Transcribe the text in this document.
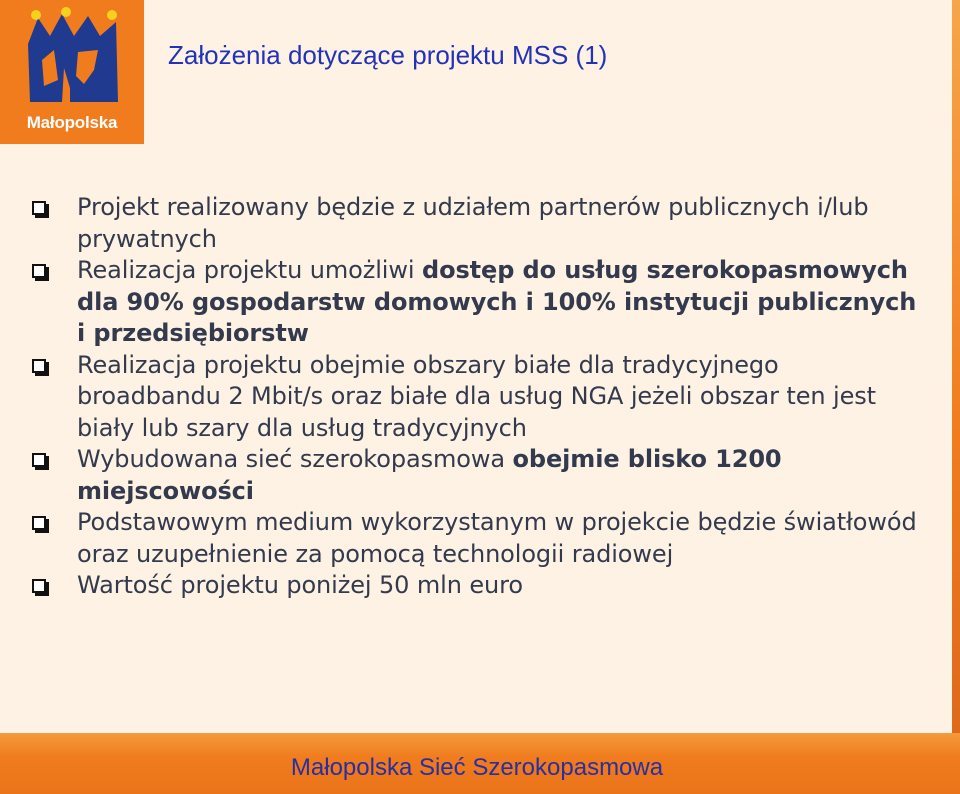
Małopolska
Założenia dotyczące projektu MSS (1)
Projekt realizowany będzie z udziałem partnerów publicznych i/lub prywatnych
Realizacja projektu umożliwi dostęp do usług szerokopasmowych dla 90% gospodarstw domowych i 100% instytucji publicznych i przedsiębiorstw
Realizacja projektu obejmie obszary białe dla tradycyjnego broadbandu 2 Mbit/s oraz białe dla usług NGA jeżeli obszar ten jest biały lub szary dla usług tradycyjnych
Wybudowana sieć szerokopasmowa obejmie blisko 1200 miejscowości
Podstawowym medium wykorzystanym w projekcie będzie światłowód oraz uzupełnienie za pomocą technologii radiowej
Wartość projektu poniżej 50 mln euro
Małopolska Sieć Szerokopasmowa
